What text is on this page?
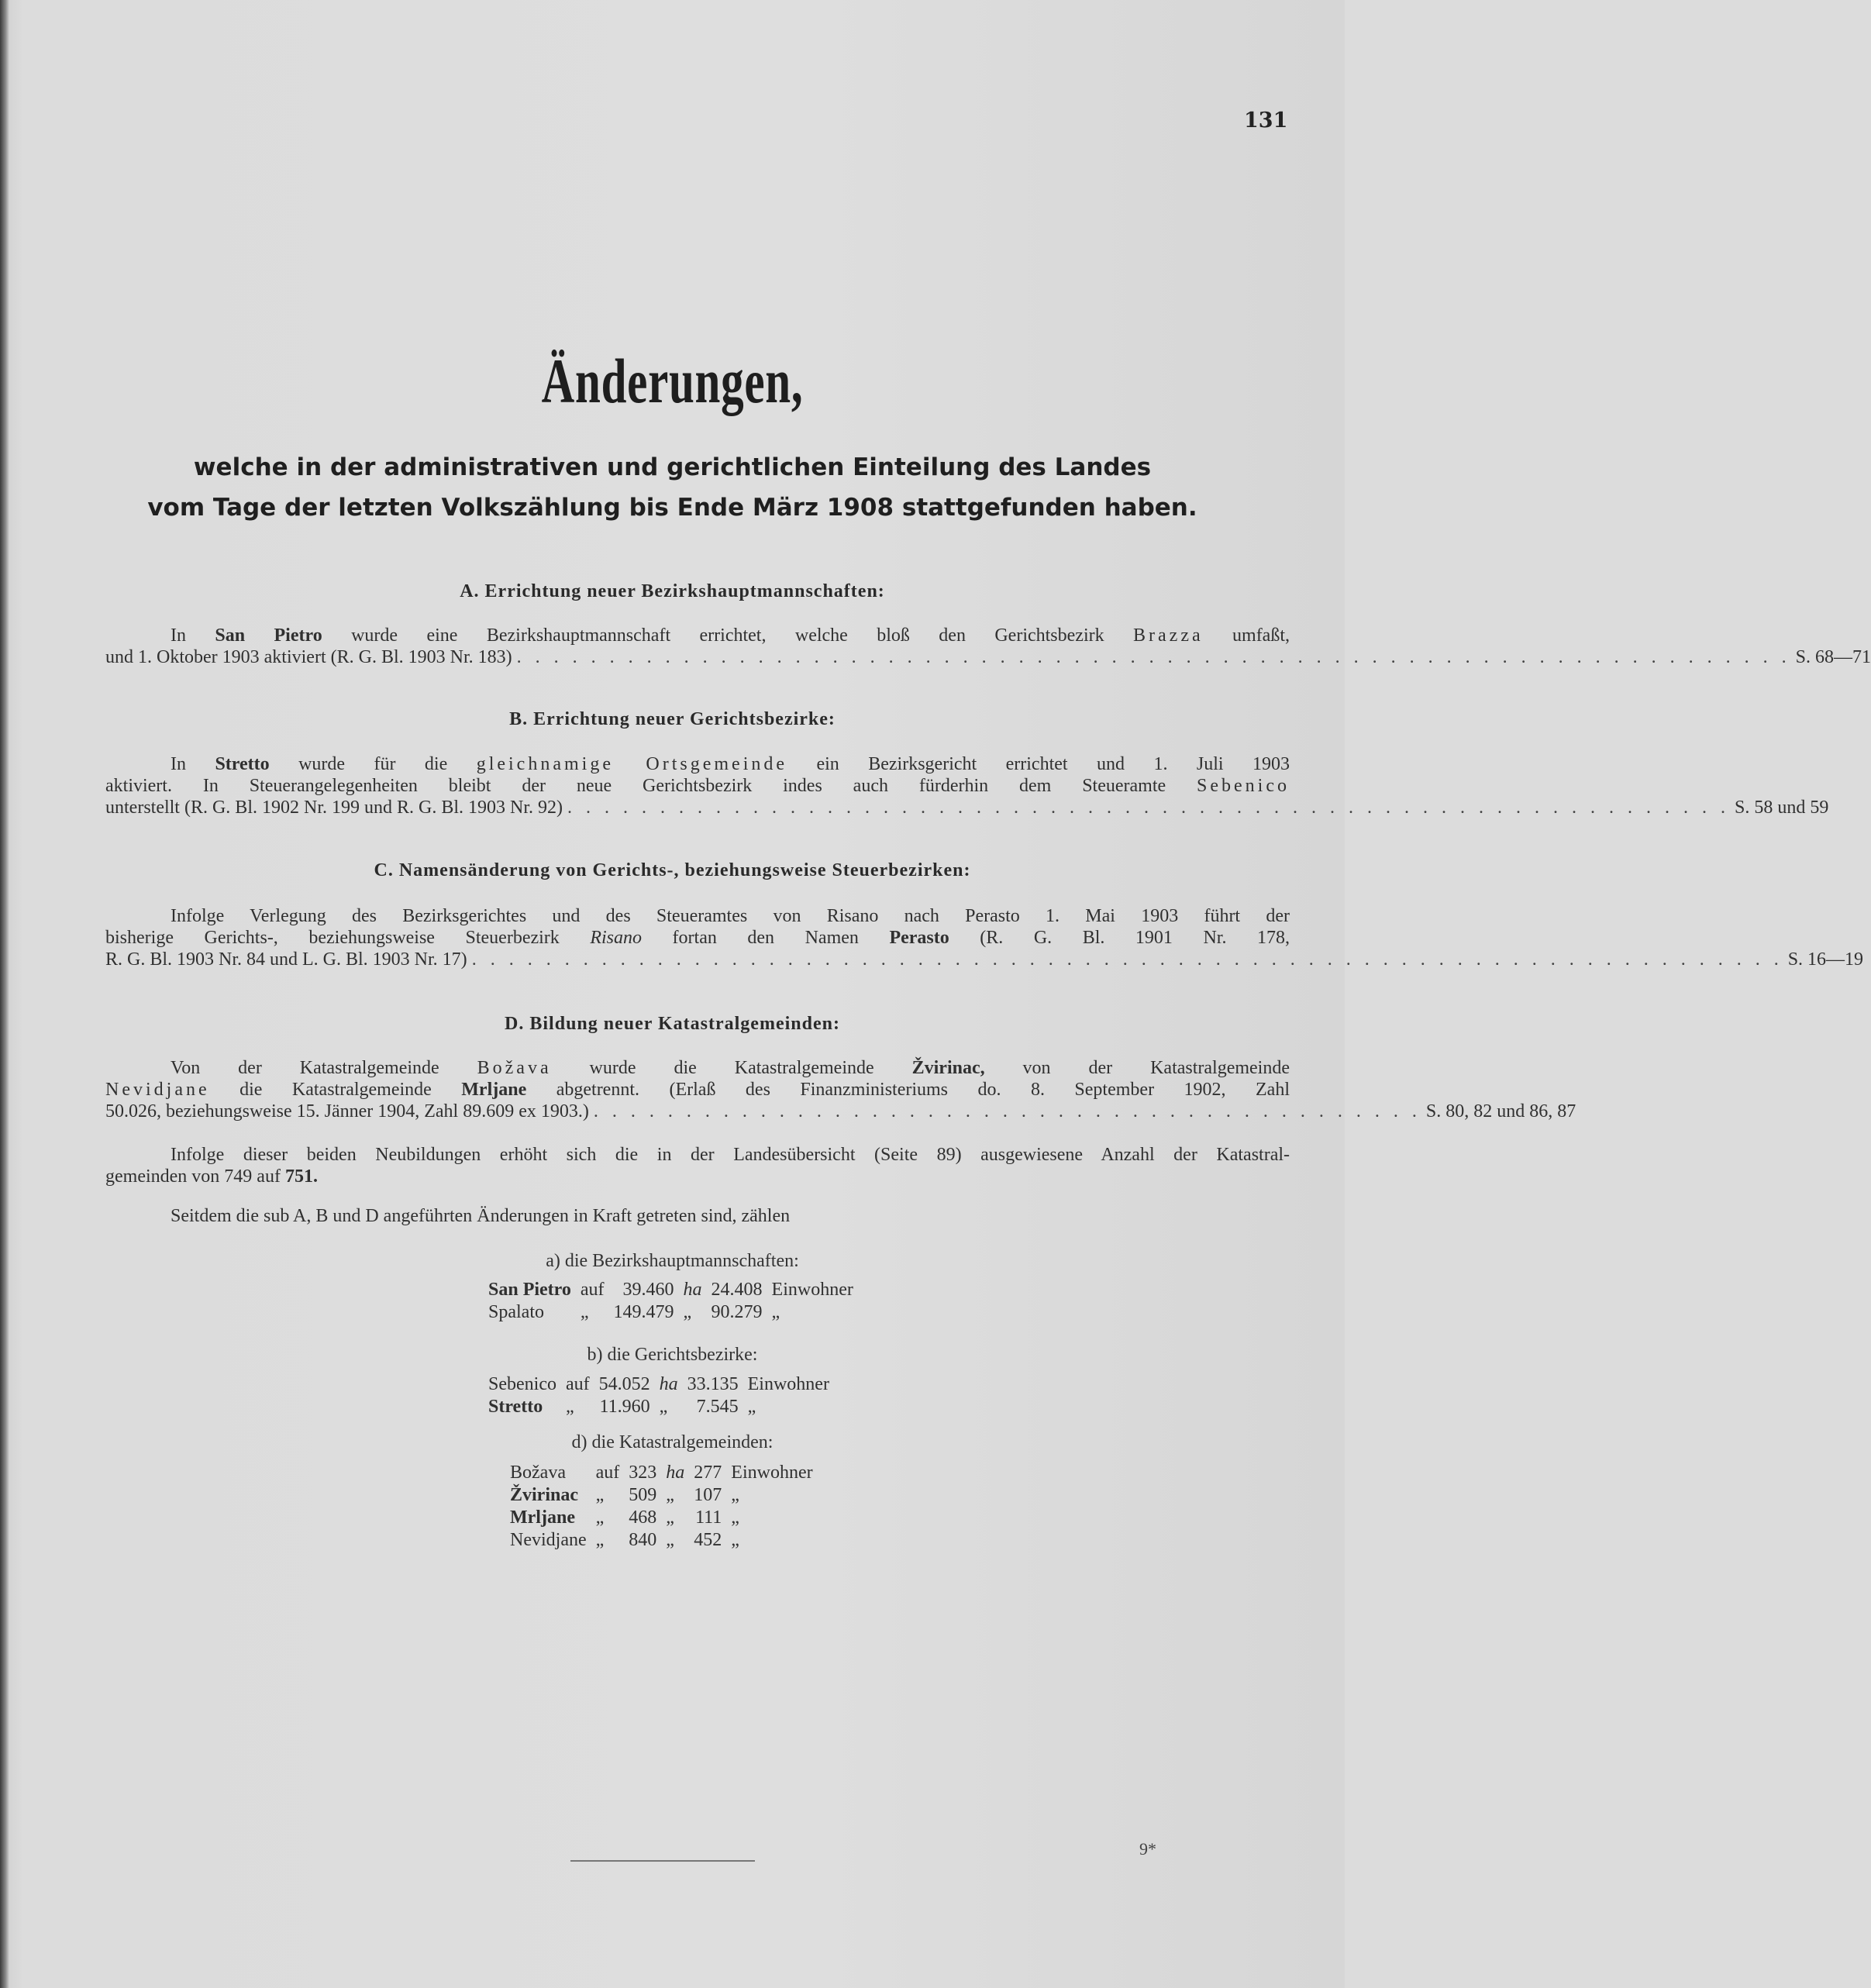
131
Änderungen,
welche in der administrativen und gerichtlichen Einteilung des Landes
vom Tage der letzten Volkszählung bis Ende März 1908 stattgefunden haben.
A. Errichtung neuer Bezirkshauptmannschaften:
In San Pietro wurde eine Bezirkshauptmannschaft errichtet, welche bloß den Gerichtsbezirk Brazza umfaßt,
und 1. Oktober 1903 aktiviert (R. G. Bl. 1903 Nr. 183) . . . . . . . . . . . . . . . . . . . . . . . . . . . . . . . . . . . . . . . . . . . . . . . . . . . . . . . . . . . . . . . . . . . . . S. 68—71
B. Errichtung neuer Gerichtsbezirke:
In Stretto wurde für die gleichnamige Ortsgemeinde ein Bezirksgericht errichtet und 1. Juli 1903
aktiviert. In Steuerangelegenheiten bleibt der neue Gerichtsbezirk indes auch fürderhin dem Steueramte Sebenico
unterstellt (R. G. Bl. 1902 Nr. 199 und R. G. Bl. 1903 Nr. 92) . . . . . . . . . . . . . . . . . . . . . . . . . . . . . . . . . . . . . . . . . . . . . . . . . . . . . . . . . . . . . . . S. 58 und 59
C. Namensänderung von Gerichts-, beziehungsweise Steuerbezirken:
Infolge Verlegung des Bezirksgerichtes und des Steueramtes von Risano nach Perasto 1. Mai 1903 führt der
bisherige Gerichts-, beziehungsweise Steuerbezirk Risano fortan den Namen Perasto (R. G. Bl. 1901 Nr. 178,
R. G. Bl. 1903 Nr. 84 und L. G. Bl. 1903 Nr. 17) . . . . . . . . . . . . . . . . . . . . . . . . . . . . . . . . . . . . . . . . . . . . . . . . . . . . . . . . . . . . . . . . . . . . . . . S. 16—19
D. Bildung neuer Katastralgemeinden:
Von der Katastralgemeinde Božava wurde die Katastralgemeinde Žvirinac, von der Katastralgemeinde
Nevidjane die Katastralgemeinde Mrljane abgetrennt. (Erlaß des Finanzministeriums do. 8. September 1902, Zahl
50.026, beziehungsweise 15. Jänner 1904, Zahl 89.609 ex 1903.) . . . . . . . . . . . . . . . . . . . . . . . . . . . . . . . . . . . . . . . . . . . . . S. 80, 82 und 86, 87
Infolge dieser beiden Neubildungen erhöht sich die in der Landesübersicht (Seite 89) ausgewiesene Anzahl der Katastral-
gemeinden von 749 auf 751.
Seitdem die sub A, B und D angeführten Änderungen in Kraft getreten sind, zählen
a) die Bezirkshauptmannschaften:
San Pietro	auf	39.460	ha	24.408	Einwohner
Spalato	„	149.479	„	90.279	„
b) die Gerichtsbezirke:
Sebenico	auf	54.052	ha	33.135	Einwohner
Stretto	„	11.960	„	7.545	„
d) die Katastralgemeinden:
Božava	auf	323	ha	277	Einwohner
Žvirinac	„	509	„	107	„
Mrljane	„	468	„	111	„
Nevidjane	„	840	„	452	„
9*
